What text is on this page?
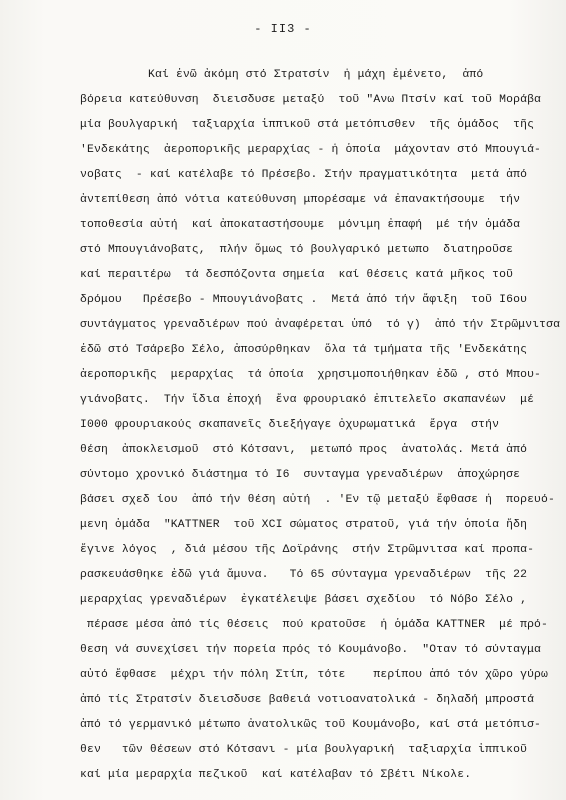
- II3 -
Καί ἐνῶ ἀκόμη στό Στρατσίν  ἡ μάχη ἐμένετο,  ἀπό
βόρεια κατεύθυνση  διεισδυσε μεταξύ  τοῦ "Ανω Πτσίν καί τοῦ Μοράβα
μία βουλγαρική  ταξιαρχία ἱππικοῦ στά μετόπισθεν  τῆς ὁμάδος  τῆς
'Ενδεκάτης  ἀεροπορικῆς μεραρχίας - ἡ ὁποία  μάχονταν στό Μπουγιά-
νοβατς  - καί κατέλαβε τό Πρέσεβο. Στήν πραγματικότητα  μετά ἀπό
ἀντεπίθεση ἀπό νότια κατεύθυνση μπορέσαμε νά ἐπανακτήσουμε  τήν
τοποθεσία αὐτή  καί ἀποκαταστήσουμε  μόνιμη ἐπαφή  μέ τήν ὁμάδα
στό Μπουγιάνοβατς,  πλήν ὅμως τό βουλγαρικό μετωπο  διατηροῦσε
καί περαιτέρω  τά δεσπόζοντα σημεία  καί θέσεις κατά μῆκος τοῦ
δρόμου   Πρέσεβο - Μπουγιάνοβατς .  Μετά ἀπό τήν ἄφιξη  τοῦ I6ου
συντάγματος γρεναδιέρων πού ἀναφέρεται ὑπό  τό γ)  ἀπό τήν Στρῶμνιτσα
ἐδῶ στό Τσάρεβο Σέλο, ἀποσύρθηκαν  ὅλα τά τμήματα τῆς 'Ενδεκάτης
ἀεροπορικῆς  μεραρχίας  τά ὁποία  χρησιμοποιήθηκαν ἐδῶ , στό Μπου-
γιάνοβατς.  Τήν ἴδια ἐποχή  ἕνα φρουριακό ἐπιτελεῖο σκαπανέων  μέ
I000 φρουριακούς σκαπανεῖς διεξήγαγε ὀχυρωματικά  ἔργα  στήν
θέση  ἀποκλεισμοῦ  στό Κότσανι,  μετωπό προς  ἀνατολάς. Μετά ἀπό
σύντομο χρονικό διάστημα τό I6  συνταγμα γρεναδιέρων  ἀποχώρησε
βάσει σχεδ ίου  ἀπό τήν θέση αὐτή  . 'Εν τῷ μεταξύ ἔφθασε ἡ  πορευό-
μενη ὁμάδα  "KATTNER  τοῦ XCI σώματος στρατοῦ, γιά τήν ὁποία ἤδη
ἔγινε λόγος  , διά μέσου τῆς Δοϊράνης  στήν Στρῶμνιτσα καί προπα-
ρασκευάσθηκε ἐδῶ γιά ἄμυνα.   Τό 65 σύνταγμα γρεναδιέρων  τῆς 22
μεραρχίας γρεναδιέρων  ἐγκατέλειψε βάσει σχεδίου  τό Νόβο Σέλο ,
πέρασε μέσα ἀπό τίς θέσεις  πού κρατοῦσε  ἡ ὁμάδα KATTNER  μέ πρό-
θεση νά συνεχίσει τήν πορεία πρός τό Κουμάνοβο.  "Οταν τό σύνταγμα
αὐτό ἔφθασε  μέχρι τήν πόλη Στίπ, τότε    περίπου ἀπό τόν χῶρο γύρω
ἀπό τίς Στρατσίν διεισδυσε βαθειά νοτιοανατολικά - δηλαδή μπροστά
ἀπό τό γερμανικό μέτωπο ἀνατολικῶς τοῦ Κουμάνοβο, καί στά μετόπισ-
θεν   τῶν θέσεων στό Κότσανι - μία βουλγαρική  ταξιαρχία ἱππικοῦ
καί μία μεραρχία πεζικοῦ  καί κατέλαβαν τό Σβέτι Νίκολε.
